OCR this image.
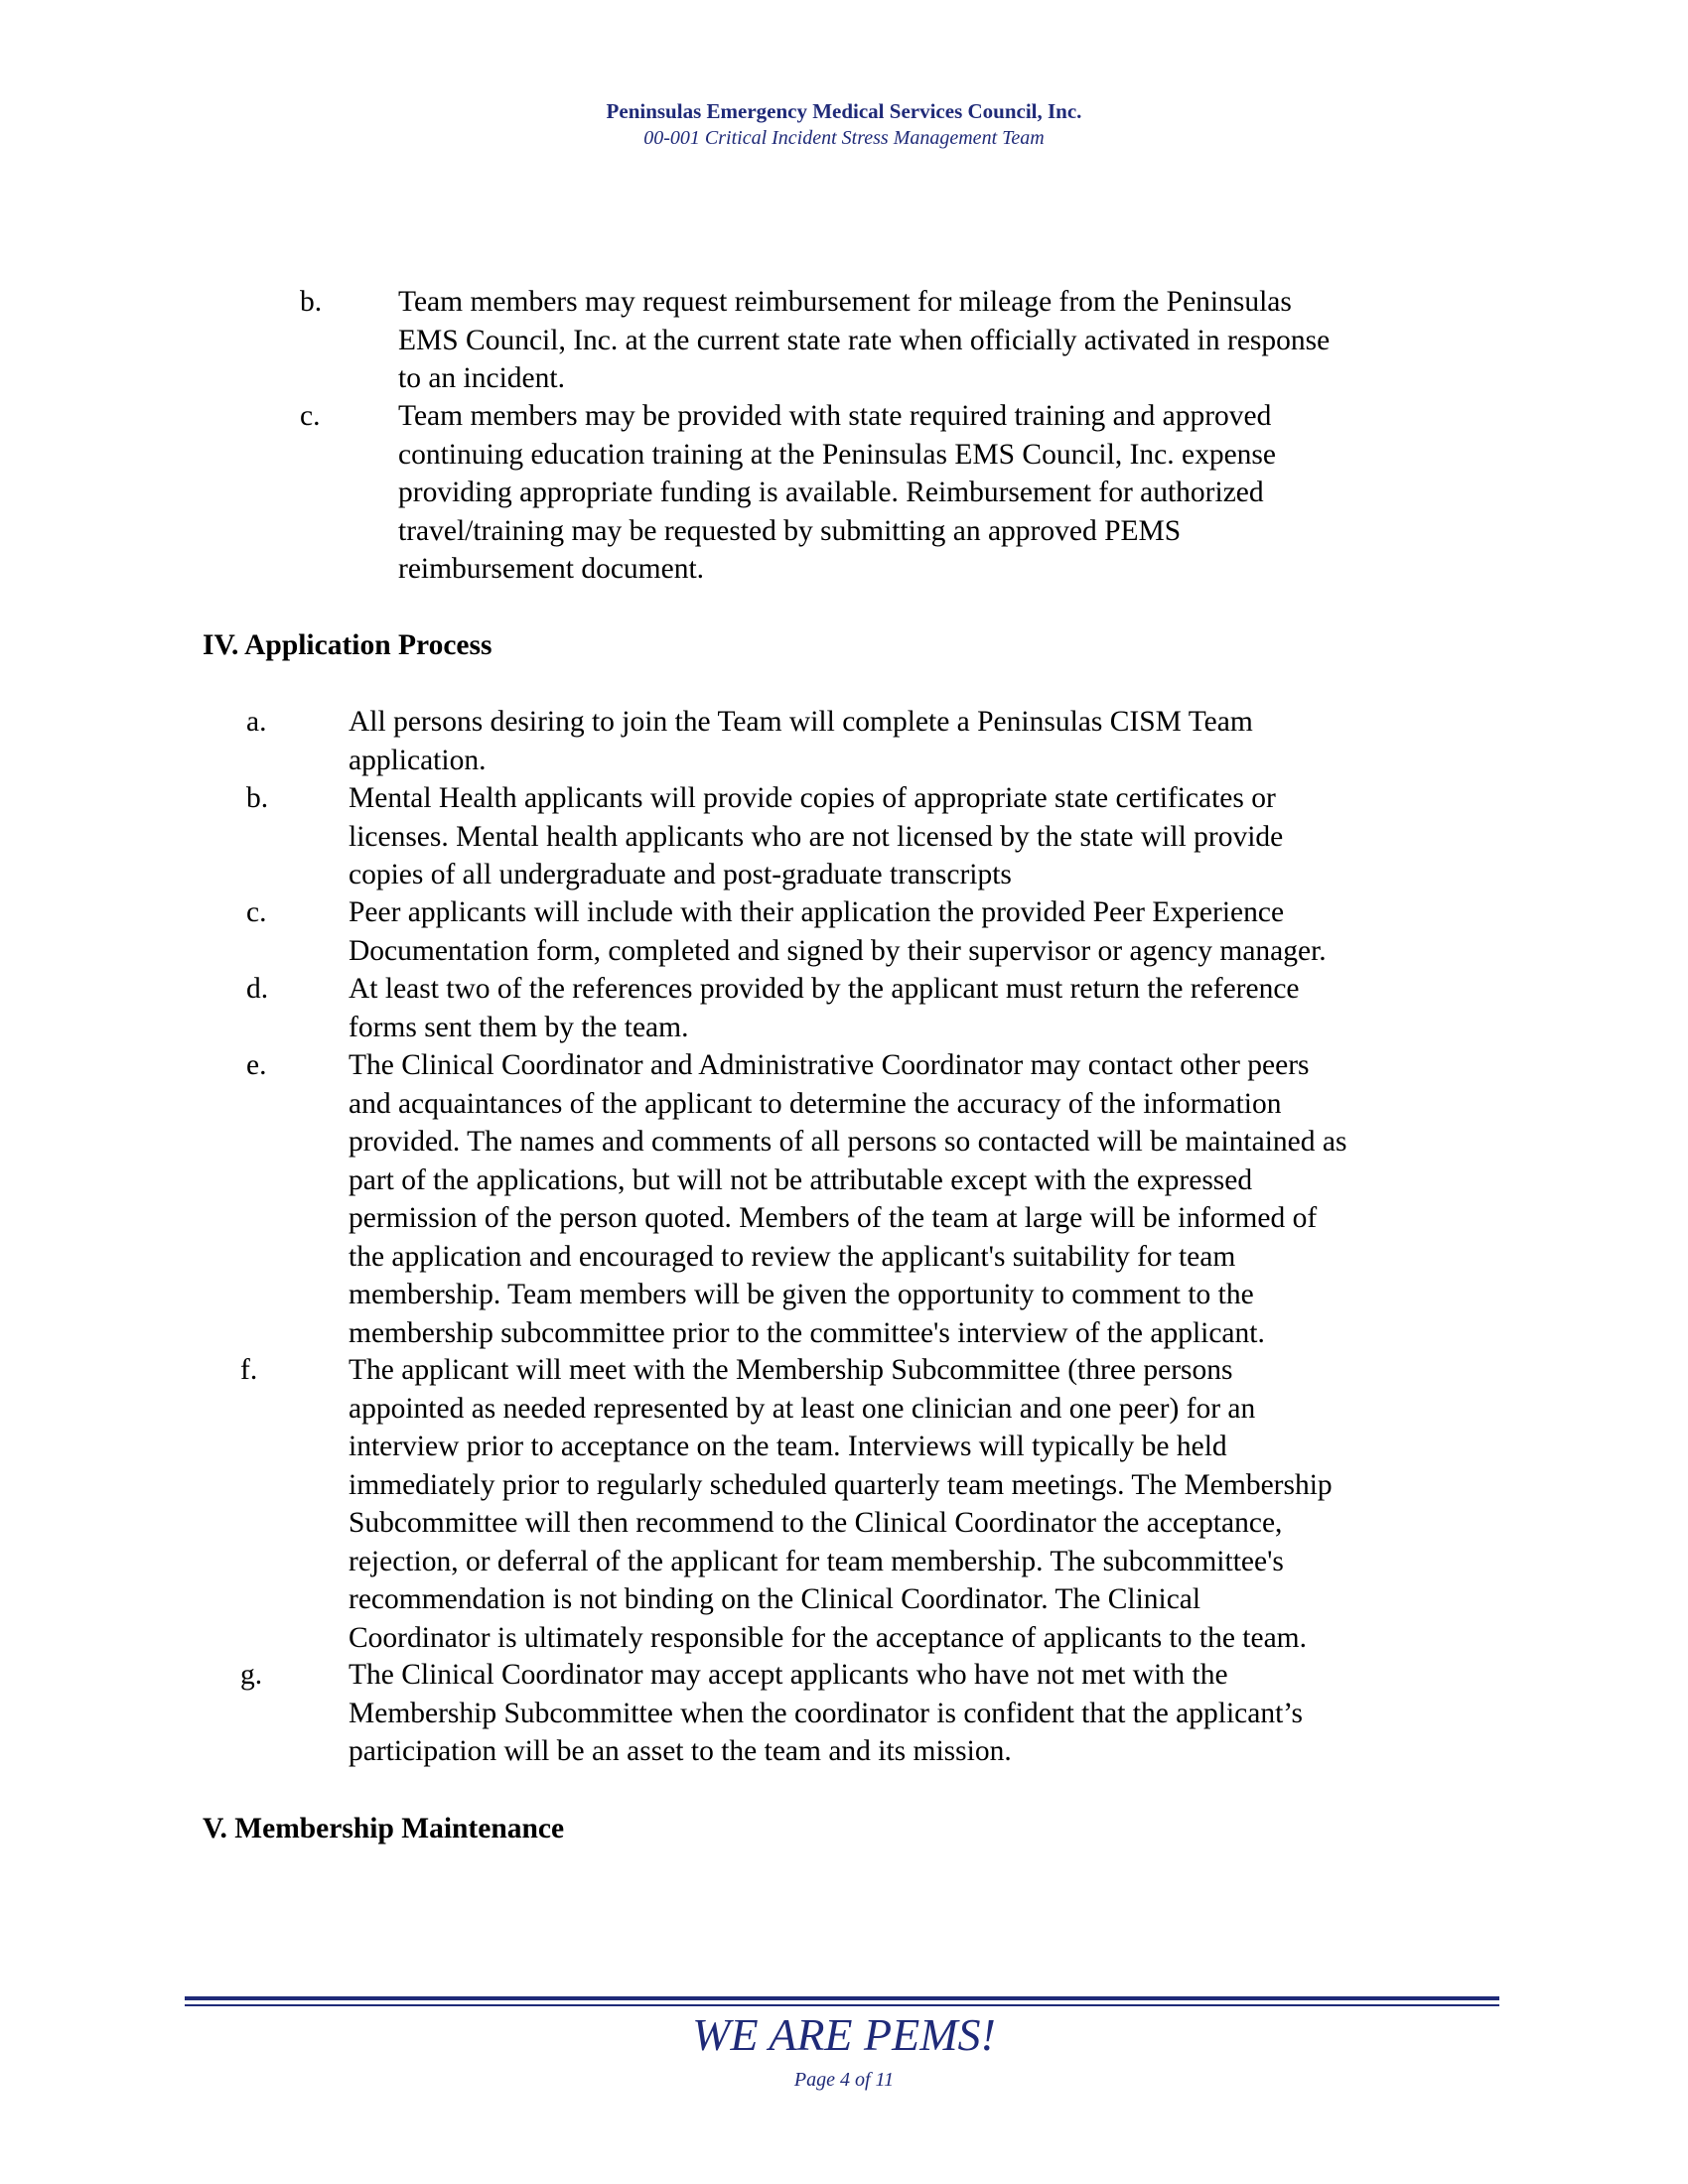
Peninsulas Emergency Medical Services Council, Inc.
00-001 Critical Incident Stress Management Team
b.	Team members may request reimbursement for mileage from the Peninsulas
EMS Council, Inc. at the current state rate when officially activated in response
to an incident.
c.	Team members may be provided with state required training and approved
continuing education training at the Peninsulas EMS Council, Inc. expense
providing appropriate funding is available. Reimbursement for authorized
travel/training may be requested by submitting an approved PEMS
reimbursement document.
IV. Application Process
a.	All persons desiring to join the Team will complete a Peninsulas CISM Team
application.
b.	Mental Health applicants will provide copies of appropriate state certificates or
licenses. Mental health applicants who are not licensed by the state will provide
copies of all undergraduate and post-graduate transcripts
c.	Peer applicants will include with their application the provided Peer Experience
Documentation form, completed and signed by their supervisor or agency manager.
d.	At least two of the references provided by the applicant must return the reference
forms sent them by the team.
e.	The Clinical Coordinator and Administrative Coordinator may contact other peers
and acquaintances of the applicant to determine the accuracy of the information
provided. The names and comments of all persons so contacted will be maintained as
part of the applications, but will not be attributable except with the expressed
permission of the person quoted. Members of the team at large will be informed of
the application and encouraged to review the applicant's suitability for team
membership. Team members will be given the opportunity to comment to the
membership subcommittee prior to the committee's interview of the applicant.
f.	The applicant will meet with the Membership Subcommittee (three persons
appointed as needed represented by at least one clinician and one peer) for an
interview prior to acceptance on the team. Interviews will typically be held
immediately prior to regularly scheduled quarterly team meetings. The Membership
Subcommittee will then recommend to the Clinical Coordinator the acceptance,
rejection, or deferral of the applicant for team membership. The subcommittee's
recommendation is not binding on the Clinical Coordinator. The Clinical
Coordinator is ultimately responsible for the acceptance of applicants to the team.
g.	The Clinical Coordinator may accept applicants who have not met with the
Membership Subcommittee when the coordinator is confident that the applicant’s
participation will be an asset to the team and its mission.
V. Membership Maintenance
WE ARE PEMS!
Page 4 of 11
